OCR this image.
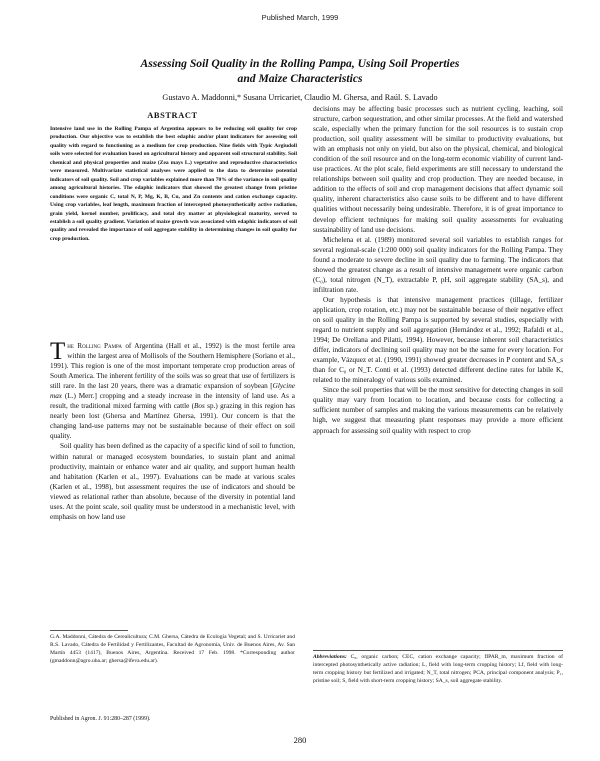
Published March, 1999
Assessing Soil Quality in the Rolling Pampa, Using Soil Properties
and Maize Characteristics
Gustavo A. Maddonni,* Susana Urricariet, Claudio M. Ghersa, and Raúl. S. Lavado
ABSTRACT
Intensive land use in the Rolling Pampa of Argentina appears to be reducing soil quality for crop production. Our objective was to establish the best edaphic and/or plant indicators for assessing soil quality with regard to functioning as a medium for crop production. Nine fields with Typic Argiudoll soils were selected for evaluation based on agricultural history and apparent soil structural stability. Soil chemical and physical properties and maize (Zea mays L.) vegetative and reproductive characteristics were measured. Multivariate statistical analyses were applied to the data to determine potential indicators of soil quality. Soil and crop variables explained more than 70% of the variance in soil quality among agricultural histories. The edaphic indicators that showed the greatest change from pristine conditions were organic C, total N, P, Mg, K, B, Cu, and Zn contents and cation exchange capacity. Using crop variables, leaf length, maximum fraction of intercepted photosynthetically active radiation, grain yield, kernel number, prolificacy, and total dry matter at physiological maturity, served to establish a soil quality gradient. Variation of maize growth was associated with edaphic indicators of soil quality and revealed the importance of soil aggregate stability in determining changes in soil quality for crop production.

The Rolling Pampa of Argentina (Hall et al., 1992) is the most fertile area within the largest area of Mollisols of the Southern Hemisphere (Soriano et al., 1991). This region is one of the most important temperate crop production areas of South America. The inherent fertility of the soils was so great that use of fertilizers is still rare. In the last 20 years, there was a dramatic expansion of soybean [Glycine max (L.) Merr.] cropping and a steady increase in the intensity of land use. As a result, the traditional mixed farming with cattle (Bos sp.) grazing in this region has nearly been lost (Ghersa and Martínez Ghersa, 1991). Our concern is that the changing land-use patterns may not be sustainable because of their effect on soil quality.

Soil quality has been defined as the capacity of a specific kind of soil to function, within natural or managed ecosystem boundaries, to sustain plant and animal productivity, maintain or enhance water and air quality, and support human health and habitation (Karlen et al., 1997). Evaluations can be made at various scales (Karlen et al., 1998), but assessment requires the use of indicators and should be viewed as relational rather than absolute, because of the diversity in potential land uses. At the point scale, soil quality must be understood in a mechanistic level, with emphasis on how land use

G.A. Maddonni, Cátedra de Cerealicultura; C.M. Ghersa, Cátedra de Ecología Vegetal; and S. Urricariet and R.S. Lavado, Cátedra de Fertilidad y Fertilizantes, Facultad de Agronomía, Univ. de Buenos Aires, Av. San Martín 4453 (1417), Buenos Aires, Argentina. Received 17 Feb. 1998. *Corresponding author (gmaddonn@agro.uba.ar; ghersa@ifeva.edu.ar).
Published in Agron. J. 91:280–287 (1999).

decisions may be affecting basic processes such as nutrient cycling, leaching, soil structure, carbon sequestration, and other similar processes. At the field and watershed scale, especially when the primary function for the soil resources is to sustain crop production, soil quality assessment will be similar to productivity evaluations, but with an emphasis not only on yield, but also on the physical, chemical, and biological condition of the soil resource and on the long-term economic viability of current land-use practices. At the plot scale, field experiments are still necessary to understand the relationships between soil quality and crop production. They are needed because, in addition to the effects of soil and crop management decisions that affect dynamic soil quality, inherent characteristics also cause soils to be different and to have different qualities without necessarily being undesirable. Therefore, it is of great importance to develop efficient techniques for making soil quality assessments for evaluating sustainability of land use decisions.

Michelena et al. (1989) monitored several soil variables to establish ranges for several regional-scale (1:200 000) soil quality indicators for the Rolling Pampa. They found a moderate to severe decline in soil quality due to farming. The indicators that showed the greatest change as a result of intensive management were organic carbon (C₀), total nitrogen (N_T), extractable P, pH, soil aggregate stability (SA_s), and infiltration rate.

Our hypothesis is that intensive management practices (tillage, fertilizer application, crop rotation, etc.) may not be sustainable because of their negative effect on soil quality in the Rolling Pampa is supported by several studies, especially with regard to nutrient supply and soil aggregation (Hernández et al., 1992; Rafaldi et al., 1994; De Orellana and Pilatti, 1994). However, because inherent soil characteristics differ, indicators of declining soil quality may not be the same for every location. For example, Vázquez et al. (1990, 1991) showed greater decreases in P content and SA_s than for C₀ or N_T. Conti et al. (1993) detected different decline rates for labile K, related to the mineralogy of various soils examined.

Since the soil properties that will be the most sensitive for detecting changes in soil quality may vary from location to location, and because costs for collecting a sufficient number of samples and making the various measurements can be relatively high, we suggest that measuring plant responses may provide a more efficient approach for assessing soil quality with respect to crop

Abbreviations: C₀, organic carbon; CEC, cation exchange capacity; fIPAR_m, maximum fraction of intercepted photosynthetically active radiation; L, field with long-term cropping history; Lf, field with long-term cropping history but fertilized and irrigated; N_T, total nitrogen; PCA, principal component analysis; P₁, pristine soil; S, field with short-term cropping history; SA_s, soil aggregate stability.
280
